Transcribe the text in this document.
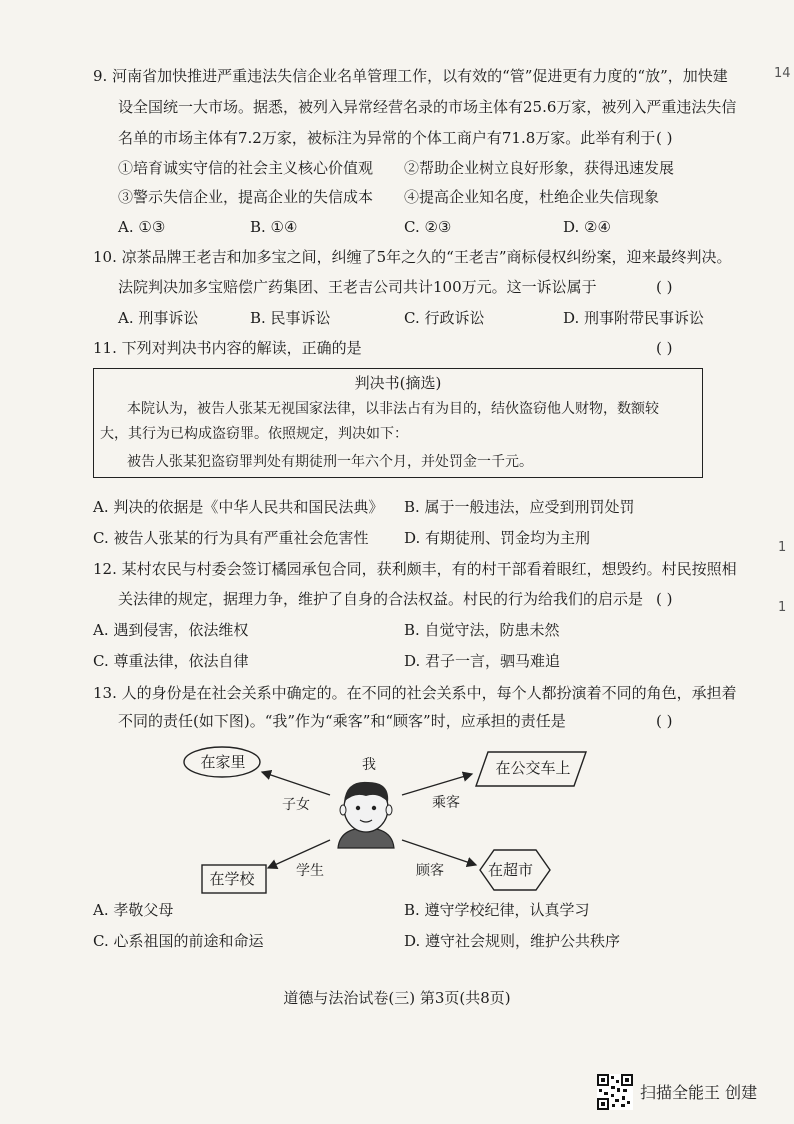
9. 河南省加快推进严重违法失信企业名单管理工作，以有效的“管”促进更有力度的“放”，加快建
设全国统一大市场。据悉，被列入异常经营名录的市场主体有25.6万家，被列入严重违法失信
名单的市场主体有7.2万家，被标注为异常的个体工商户有71.8万家。此举有利于 ( )
①培育诚实守信的社会主义核心价值观 ②帮助企业树立良好形象，获得迅速发展
③警示失信企业，提高企业的失信成本 ④提高企业知名度，杜绝企业失信现象
A. ①③	B. ①④	C. ②③	D. ②④
10. 凉茶品牌王老吉和加多宝之间，纠缠了5年之久的“王老吉”商标侵权纠纷案，迎来最终判决。
法院判决加多宝赔偿广药集团、王老吉公司共计100万元。这一诉讼属于	( )
A. 刑事诉讼	B. 民事诉讼	C. 行政诉讼	D. 刑事附带民事诉讼
11. 下列对判决书内容的解读，正确的是	( )
判决书(摘选)
本院认为，被告人张某无视国家法律，以非法占有为目的，结伙盗窃他人财物，数额较
大，其行为已构成盗窃罪。依照规定，判决如下：
被告人张某犯盗窃罪判处有期徒刑一年六个月，并处罚金一千元。
A. 判决的依据是《中华人民共和国民法典》 B. 属于一般违法，应受到刑罚处罚
C. 被告人张某的行为具有严重社会危害性 D. 有期徒刑、罚金均为主刑
12. 某村农民与村委会签订橘园承包合同，获利颇丰，有的村干部看着眼红，想毁约。村民按照相
关法律的规定，据理力争，维护了自身的合法权益。村民的行为给我们的启示是 ( )
A. 遇到侵害，依法维权	B. 自觉守法，防患未然
C. 尊重法律，依法自律	D. 君子一言，驷马难追
13. 人的身份是在社会关系中确定的。在不同的社会关系中，每个人都扮演着不同的角色，承担着
不同的责任(如下图)。“我”作为“乘客”和“顾客”时，应承担的责任是	( )
在家里	在公交车上
在学校	在超市
我
子女	乘客
学生	顾客
A. 孝敬父母	B. 遵守学校纪律，认真学习
C. 心系祖国的前途和命运	D. 遵守社会规则，维护公共秩序
道德与法治试卷(三) 第3页(共8页)
14
1
1
扫描全能王 创建
